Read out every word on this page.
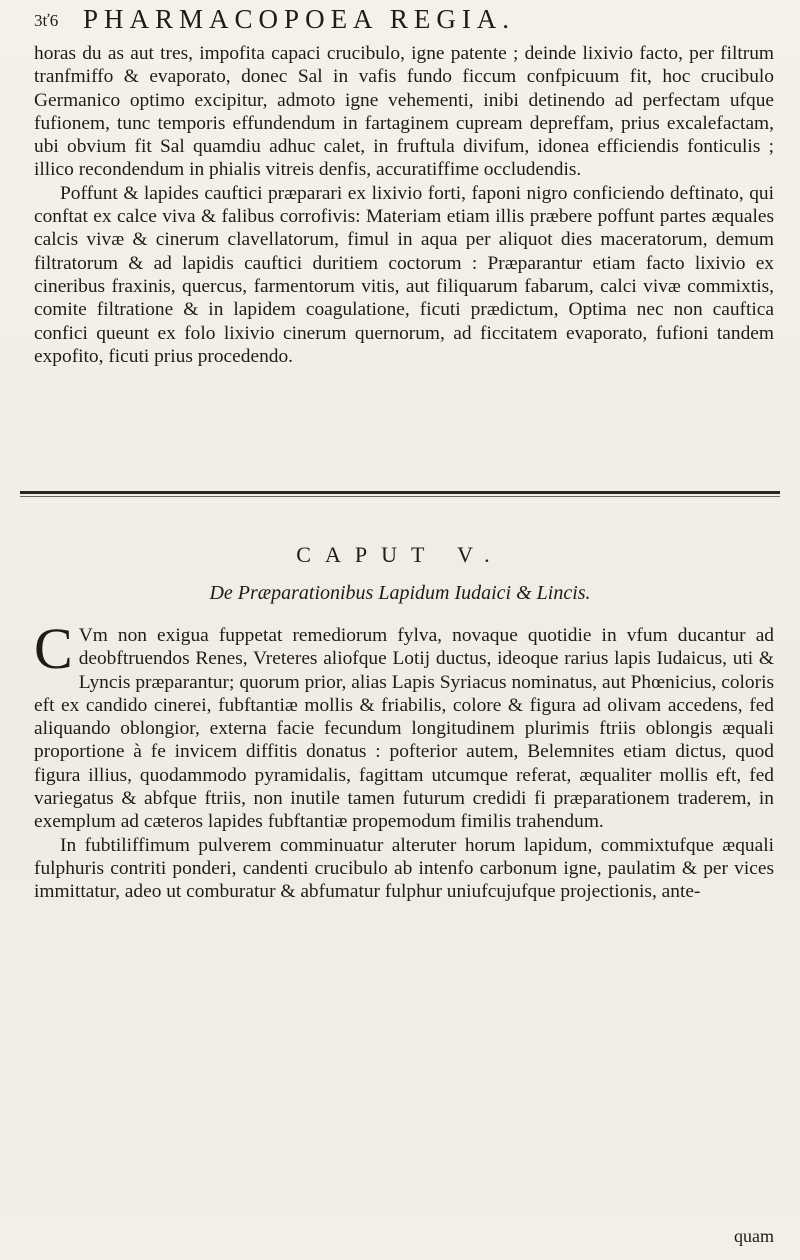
3ť6 PHARMACOPOEA REGIA.

horas du as aut tres, impofita capaci crucibulo, igne patente ; deinde lixivio facto, per filtrum tranfmiffo & evaporato, donec Sal in vafis fundo ficcum confpicuum fit, hoc crucibulo Germanico optimo excipitur, admoto igne vehementi, inibi detinendo ad perfectam ufque fufionem, tunc temporis effundendum in fartaginem cupream depreffam, prius excalefactam, ubi obvium fit Sal quamdiu adhuc calet, in fruftula divifum, idonea efficiendis fonticulis ; illico recondendum in phialis vitreis denfis, accuratiffime occludendis.

Poffunt & lapides cauftici præparari ex lixivio forti, faponi nigro conficiendo deftinato, qui conftat ex calce viva & falibus corrofivis: Materiam etiam illis præbere poffunt partes æquales calcis vivæ & cinerum clavellatorum, fimul in aqua per aliquot dies maceratorum, demum filtratorum & ad lapidis cauftici duritiem coctorum : Præparantur etiam facto lixivio ex cineribus fraxinis, quercus, farmentorum vitis, aut filiquarum fabarum, calci vivæ commixtis, comite filtratione & in lapidem coagulatione, ficuti prædictum, Optima nec non cauftica confici queunt ex folo lixivio cinerum quernorum, ad ficcitatem evaporato, fufioni tandem expofito, ficuti prius procedendo.

CAPUT V.
De Præparationibus Lapidum Iudaici & Lincis.

C Vm non exigua fuppetat remediorum fylva, novaque quotidie in vfum ducantur ad deobftruendos Renes, Vreteres aliofque Lotij ductus, ideoque rarius lapis Iudaicus, uti & Lyncis præparantur; quorum prior, alias Lapis Syriacus nominatus, aut Phœnicius, coloris eft ex candido cinerei, fubftantiæ mollis & friabilis, colore & figura ad olivam accedens, fed aliquando oblongior, externa facie fecundum longitudinem plurimis ftriis oblongis æquali proportione à fe invicem diffitis donatus : pofterior autem, Belemnites etiam dictus, quod figura illius, quodammodo pyramidalis, fagittam utcumque referat, æqualiter mollis eft, fed variegatus & abfque ftriis, non inutile tamen futurum credidi fi præparationem traderem, in exemplum ad cæteros lapides fubftantiæ propemodum fimilis trahendum.

In fubtiliffimum pulverem comminuatur alteruter horum lapidum, commixtufque æquali fulphuris contriti ponderi, candenti crucibulo ab intenfo carbonum igne, paulatim & per vices immittatur, adeo ut comburatur & abfumatur fulphur uniufcujufque projectionis, ante-

quam
